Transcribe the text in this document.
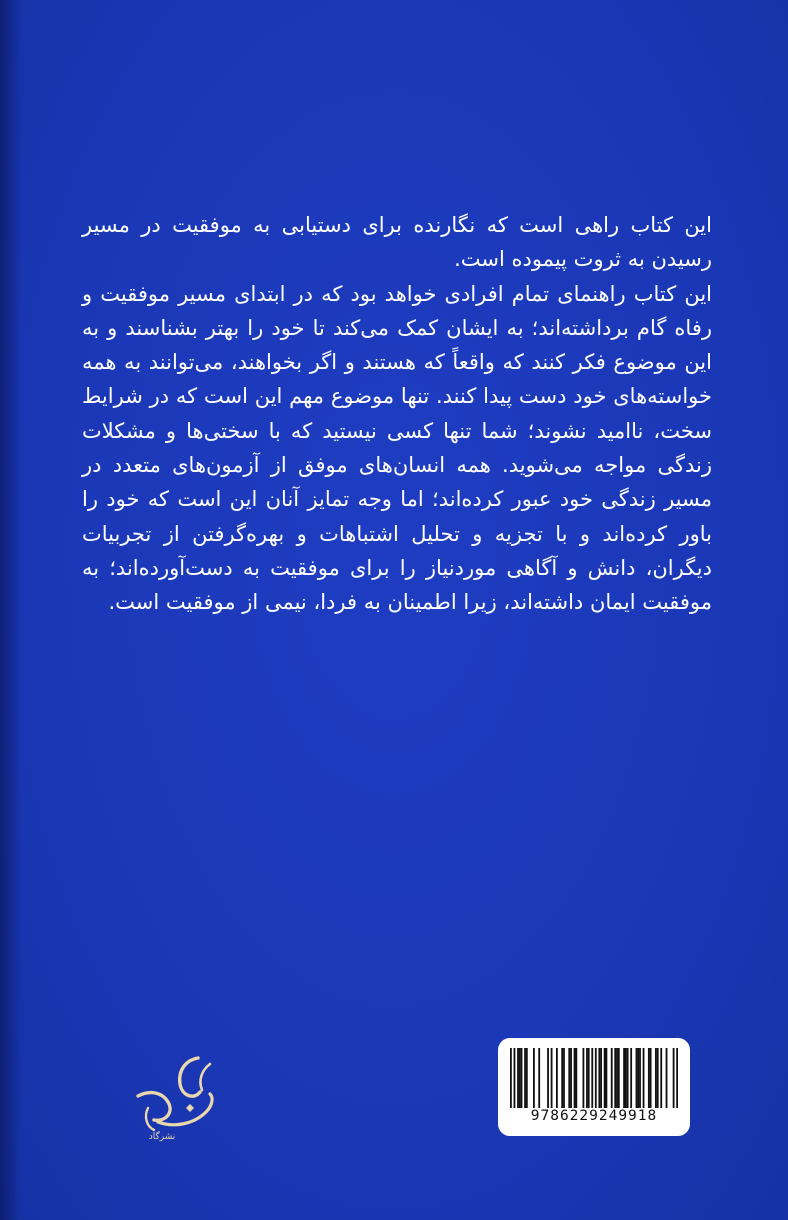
این کتاب راهی است که نگارنده برای دستیابی به موفقیت در مسیر رسیدن به ثروت پیموده است.

این کتاب راهنمای تمام افرادی خواهد بود که در ابتدای مسیر موفقیت و رفاه گام برداشته‌اند؛ به ایشان کمک می‌کند تا خود را بهتر بشناسند و به این موضوع فکر کنند که واقعاً که هستند و اگر بخواهند، می‌توانند به همه خواسته‌های خود دست پیدا کنند. تنها موضوع مهم این است که در شرایط سخت، ناامید نشوند؛ شما تنها کسی نیستید که با سختی‌ها و مشکلات زندگی مواجه می‌شوید. همه انسان‌های موفق از آزمون‌های متعدد در مسیر زندگی خود عبور کرده‌اند؛ اما وجه تمایز آنان این است که خود را باور کرده‌اند و با تجزیه و تحلیل اشتباهات و بهره‌گرفتن از تجربیات دیگران، دانش و آگاهی موردنیاز را برای موفقیت به دست‌آورده‌اند؛ به موفقیت ایمان داشته‌اند، زیرا اطمینان به فردا، نیمی از موفقیت است.

9786229249918
نشرگاد
